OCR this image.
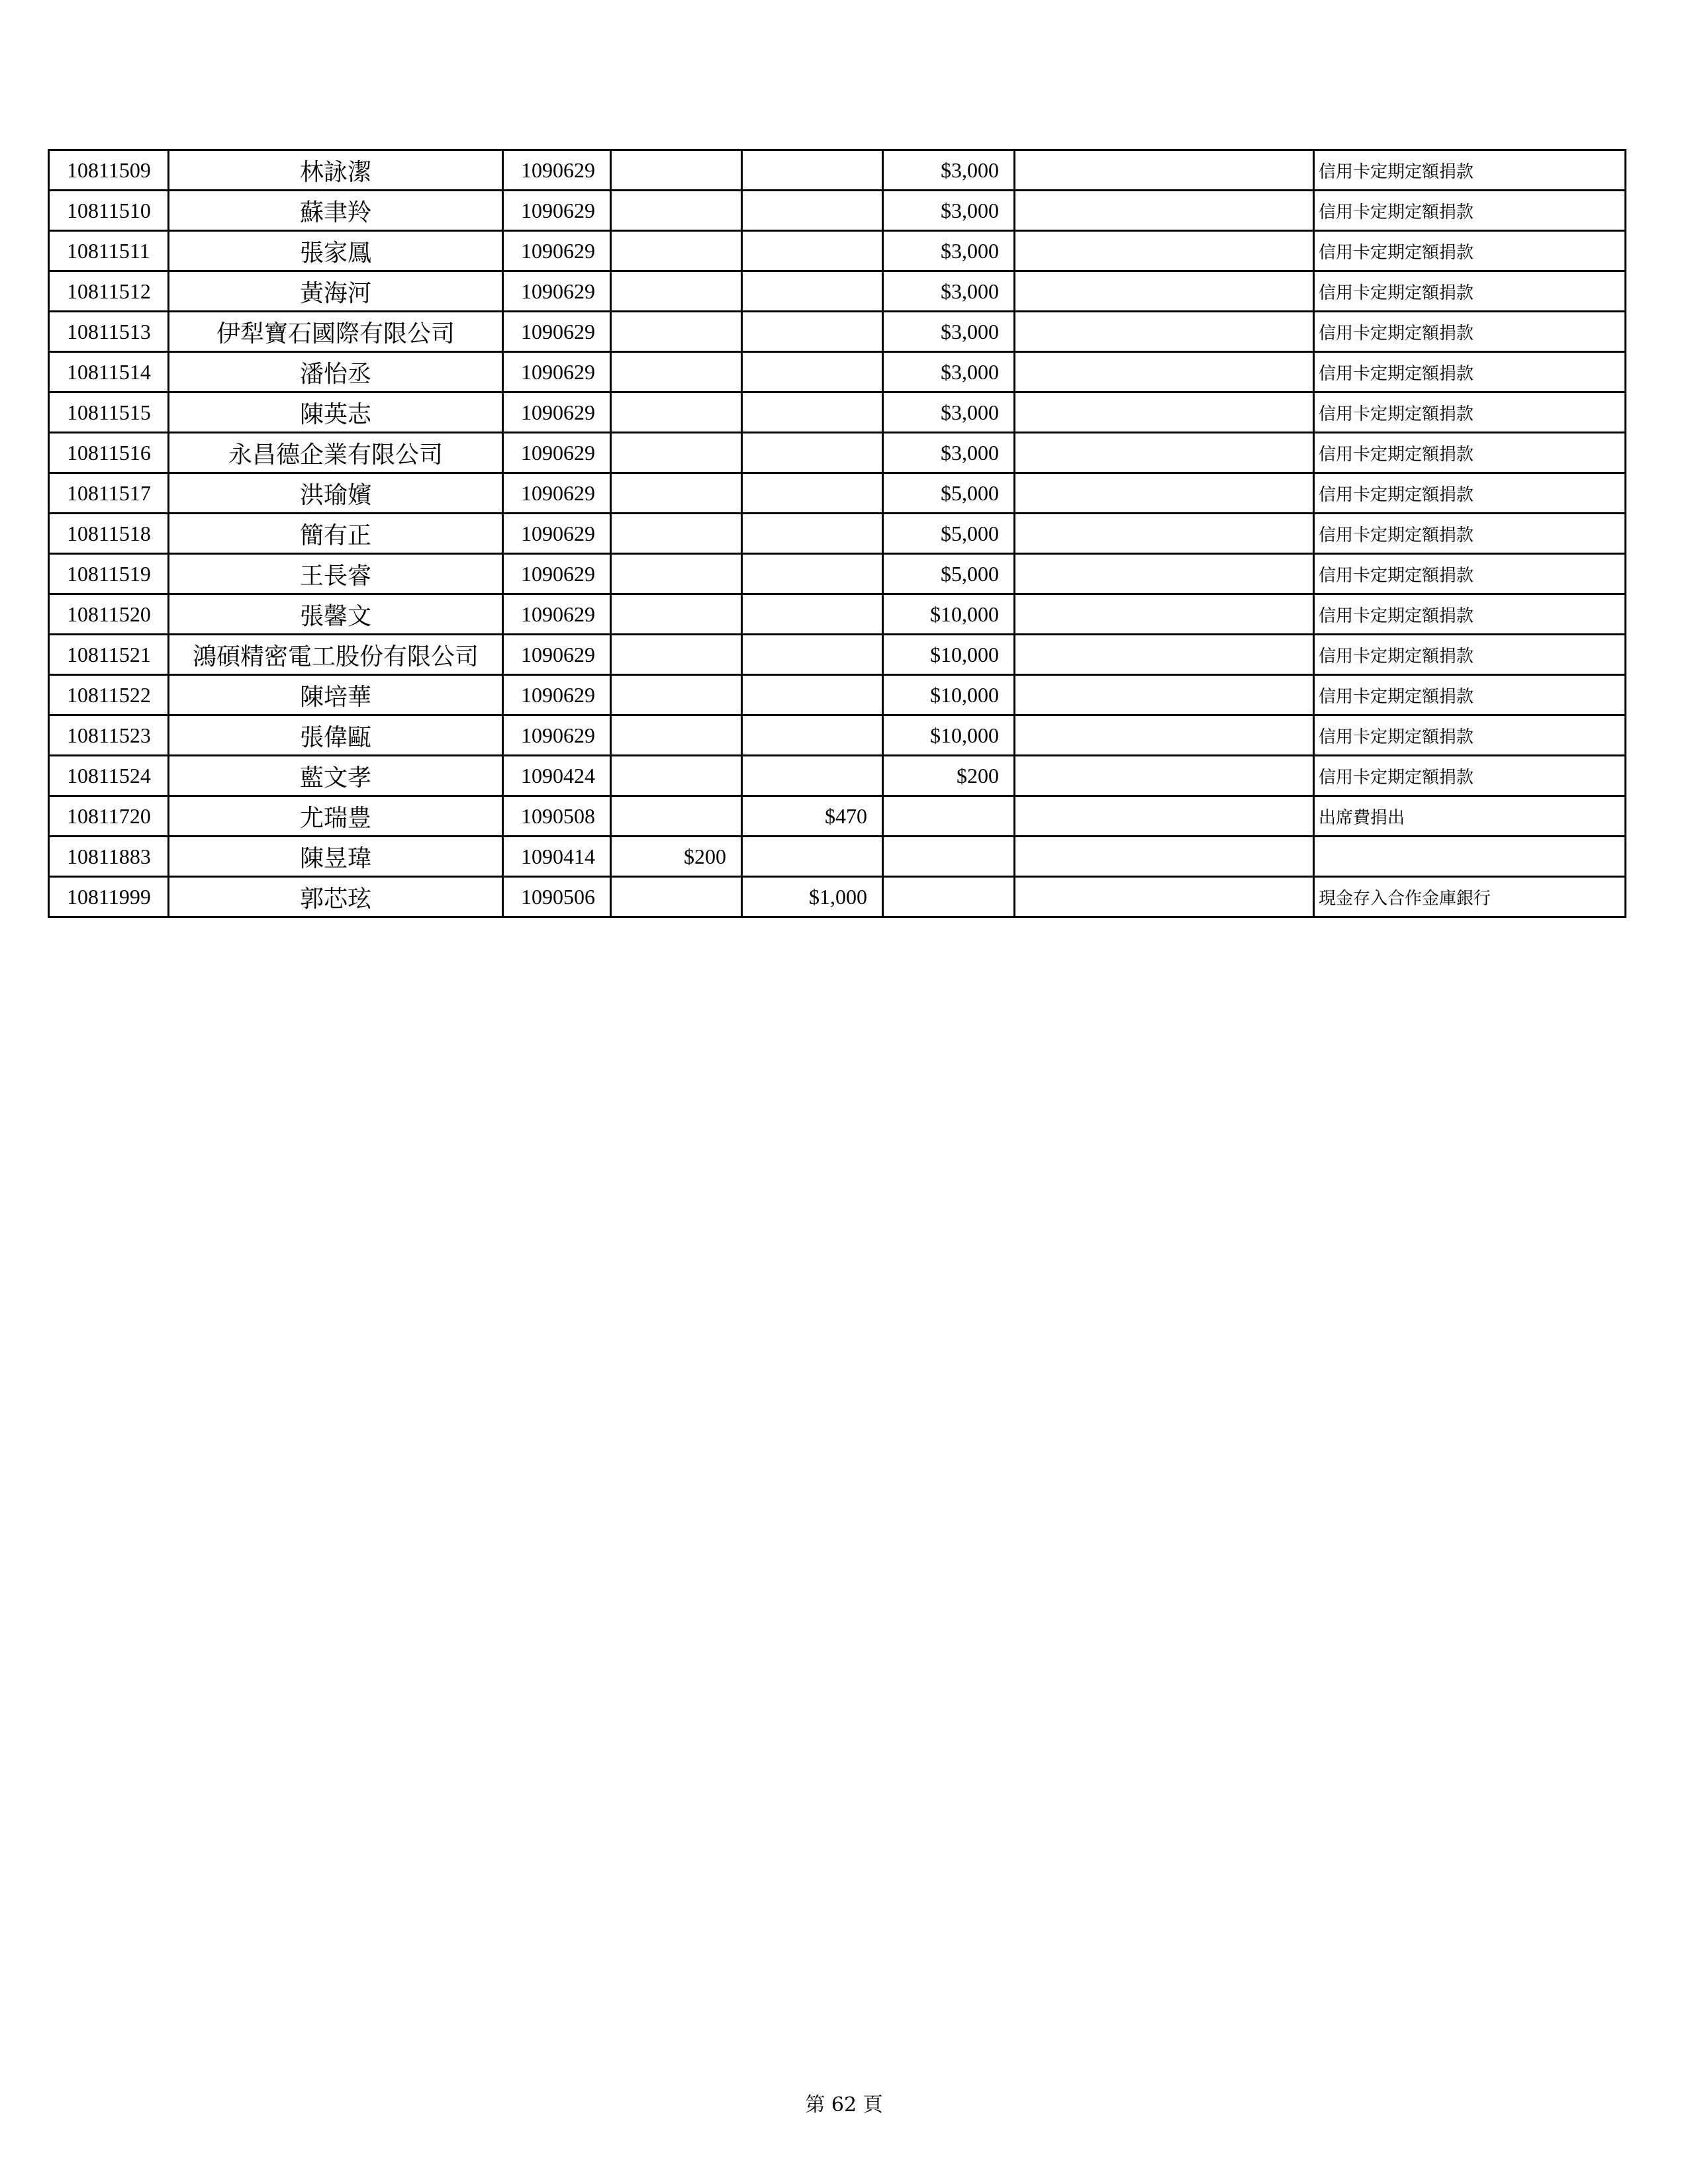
10811509	林詠潔	1090629			$3,000		信用卡定期定額捐款
10811510	蘇聿羚	1090629			$3,000		信用卡定期定額捐款
10811511	張家鳳	1090629			$3,000		信用卡定期定額捐款
10811512	黃海河	1090629			$3,000		信用卡定期定額捐款
10811513	伊犁寶石國際有限公司	1090629			$3,000		信用卡定期定額捐款
10811514	潘怡丞	1090629			$3,000		信用卡定期定額捐款
10811515	陳英志	1090629			$3,000		信用卡定期定額捐款
10811516	永昌德企業有限公司	1090629			$3,000		信用卡定期定額捐款
10811517	洪瑜嬪	1090629			$5,000		信用卡定期定額捐款
10811518	簡有正	1090629			$5,000		信用卡定期定額捐款
10811519	王長睿	1090629			$5,000		信用卡定期定額捐款
10811520	張馨文	1090629			$10,000		信用卡定期定額捐款
10811521	鴻碩精密電工股份有限公司	1090629			$10,000		信用卡定期定額捐款
10811522	陳培華	1090629			$10,000		信用卡定期定額捐款
10811523	張偉甌	1090629			$10,000		信用卡定期定額捐款
10811524	藍文孝	1090424			$200		信用卡定期定額捐款
10811720	尤瑞豊	1090508		$470			出席費捐出
10811883	陳昱瑋	1090414	$200				
10811999	郭芯玹	1090506		$1,000			現金存入合作金庫銀行
第 62 頁
